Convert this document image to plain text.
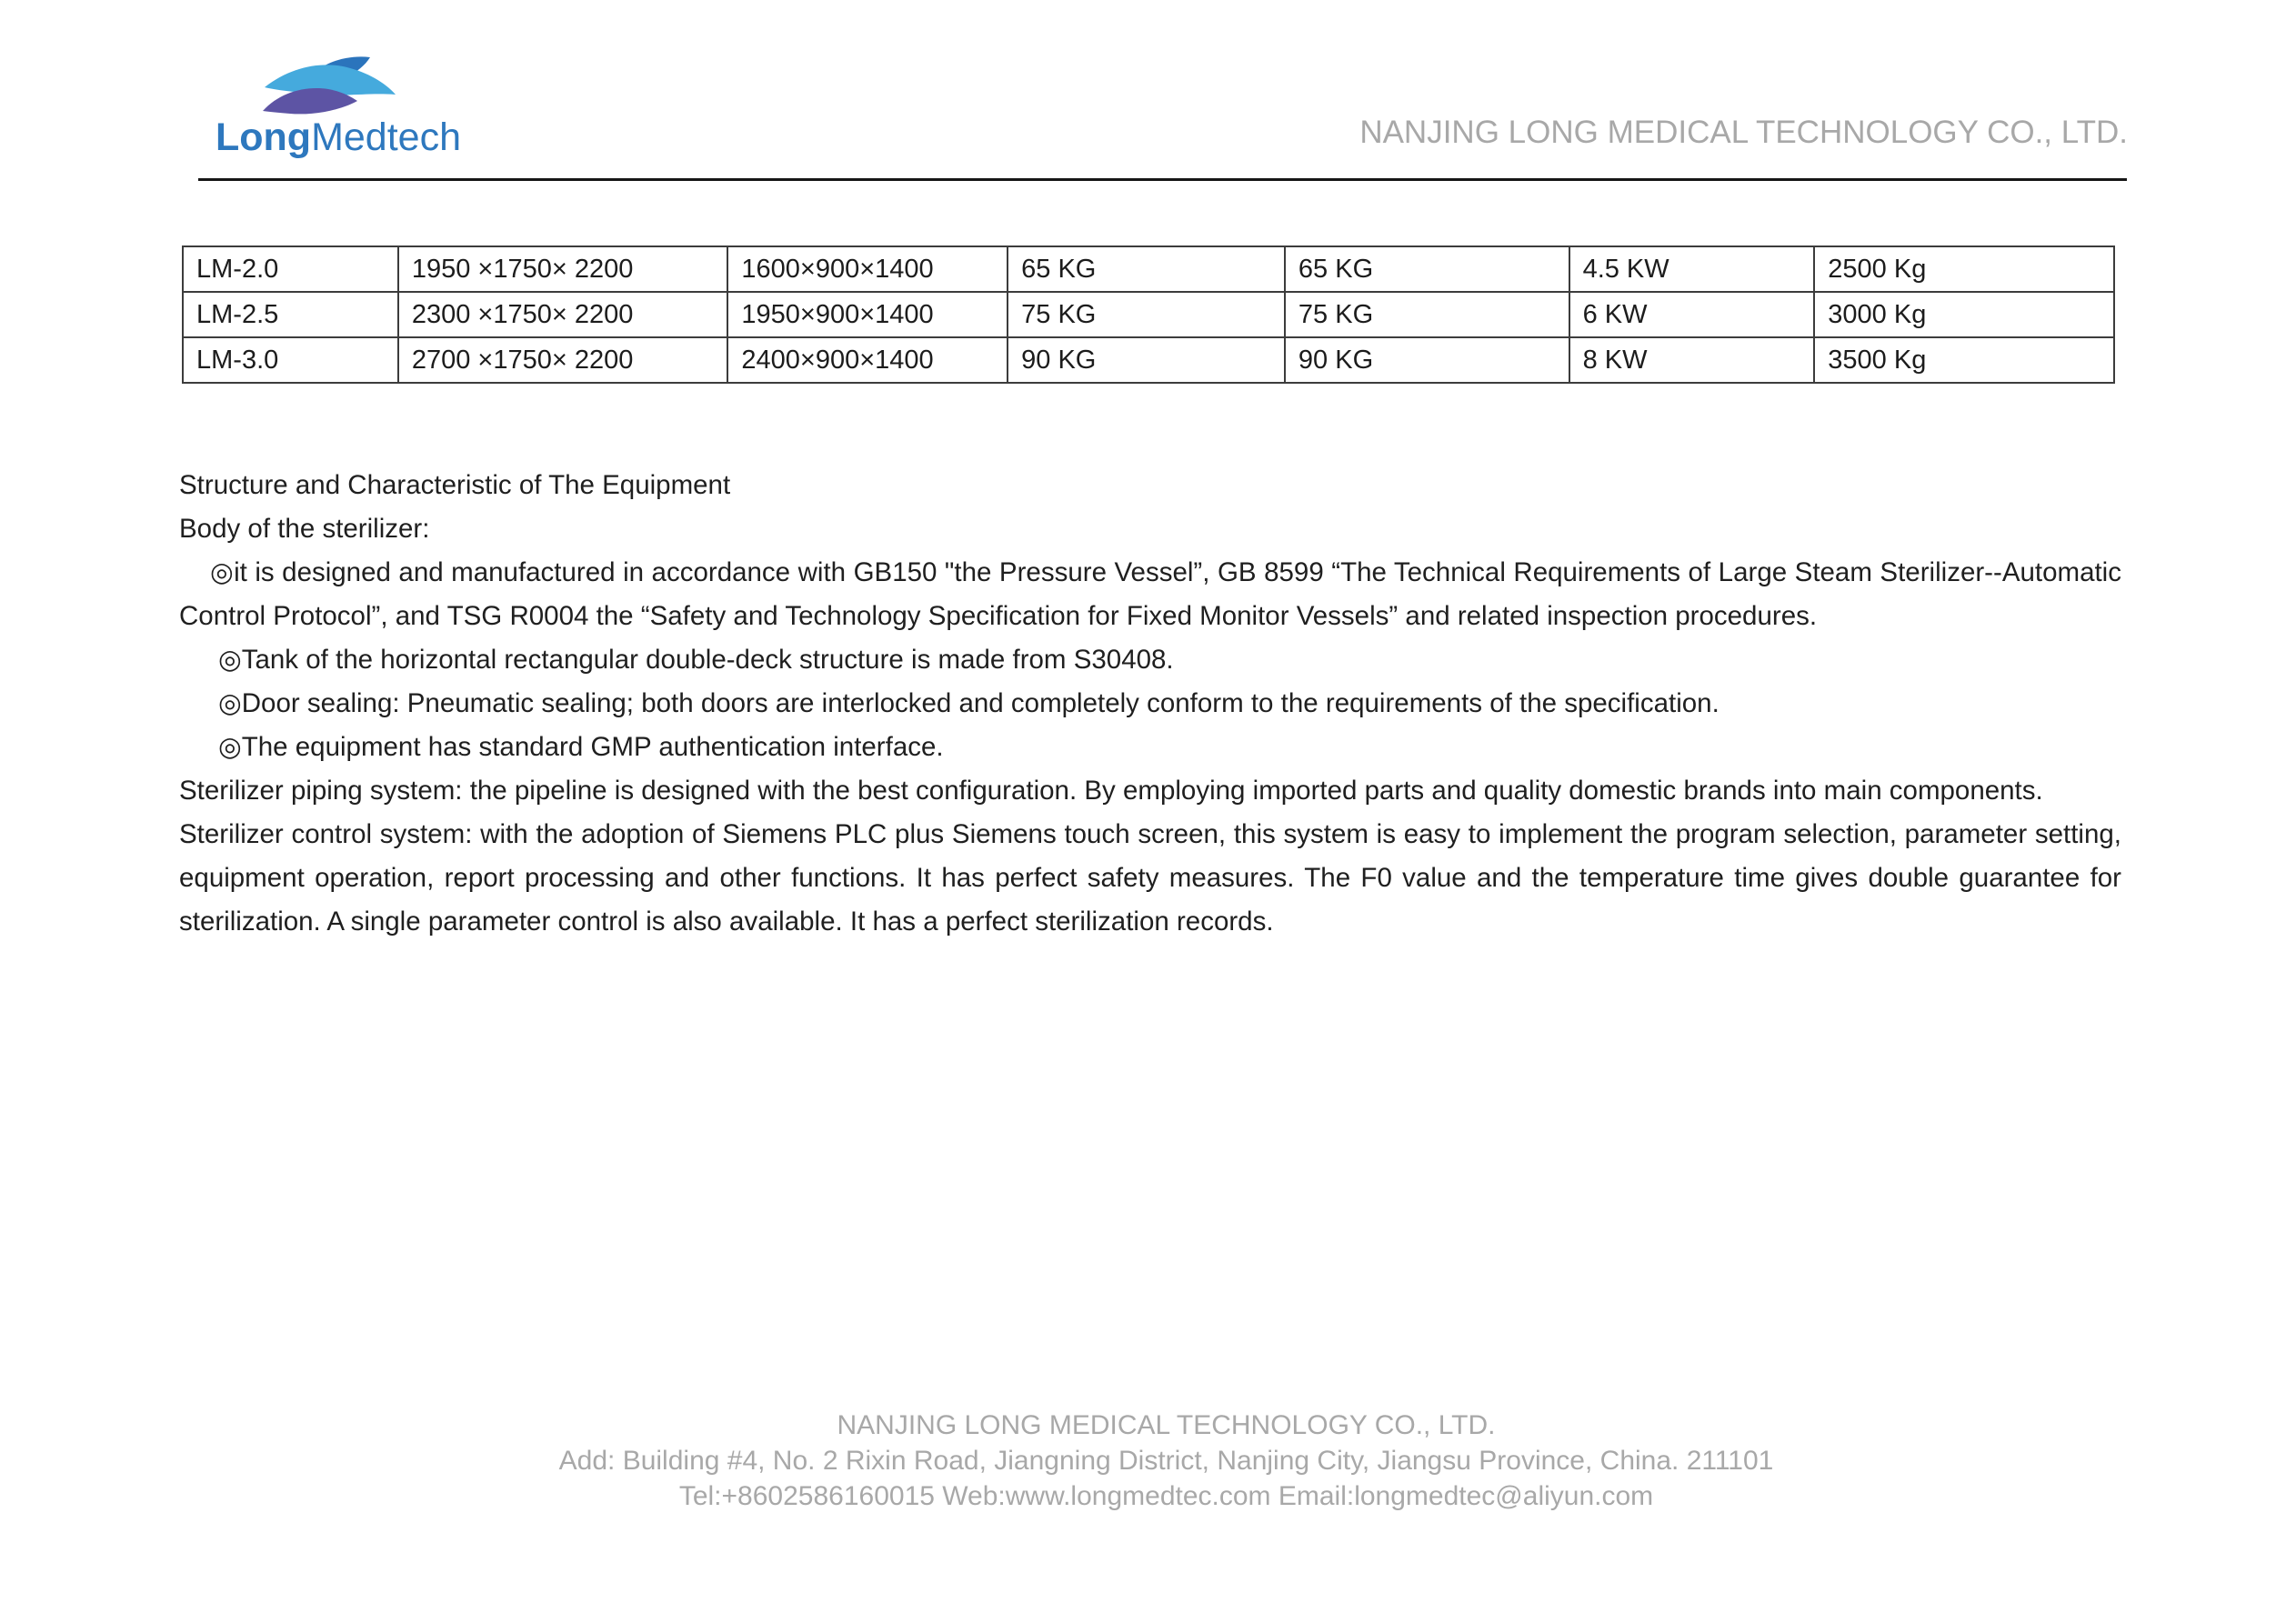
LongMedtech	NANJING LONG MEDICAL TECHNOLOGY CO., LTD.
LM-2.0	1950 ×1750× 2200	1600×900×1400	65 KG	65 KG	4.5 KW	2500 Kg
LM-2.5	2300 ×1750× 2200	1950×900×1400	75 KG	75 KG	6 KW	3000 Kg
LM-3.0	2700 ×1750× 2200	2400×900×1400	90 KG	90 KG	8 KW	3500 Kg

Structure and Characteristic of The Equipment

Body of the sterilizer:

◎it is designed and manufactured in accordance with GB150 "the Pressure Vessel”, GB 8599 “The Technical Requirements of Large Steam Sterilizer--Automatic Control Protocol”, and TSG R0004 the “Safety and Technology Specification for Fixed Monitor Vessels” and related inspection procedures.

◎Tank of the horizontal rectangular double-deck structure is made from S30408.

◎Door sealing: Pneumatic sealing; both doors are interlocked and completely conform to the requirements of the specification.

◎The equipment has standard GMP authentication interface.

Sterilizer piping system: the pipeline is designed with the best configuration. By employing imported parts and quality domestic brands into main components.

Sterilizer control system: with the adoption of Siemens PLC plus Siemens touch screen, this system is easy to implement the program selection, parameter setting, equipment operation, report processing and other functions. It has perfect safety measures. The F0 value and the temperature time gives double guarantee for sterilization. A single parameter control is also available. It has a perfect sterilization records.

NANJING LONG MEDICAL TECHNOLOGY CO., LTD.
Add: Building #4, No. 2 Rixin Road, Jiangning District, Nanjing City, Jiangsu Province, China. 211101
Tel:+8602586160015 Web:www.longmedtec.com Email:longmedtec@aliyun.com
